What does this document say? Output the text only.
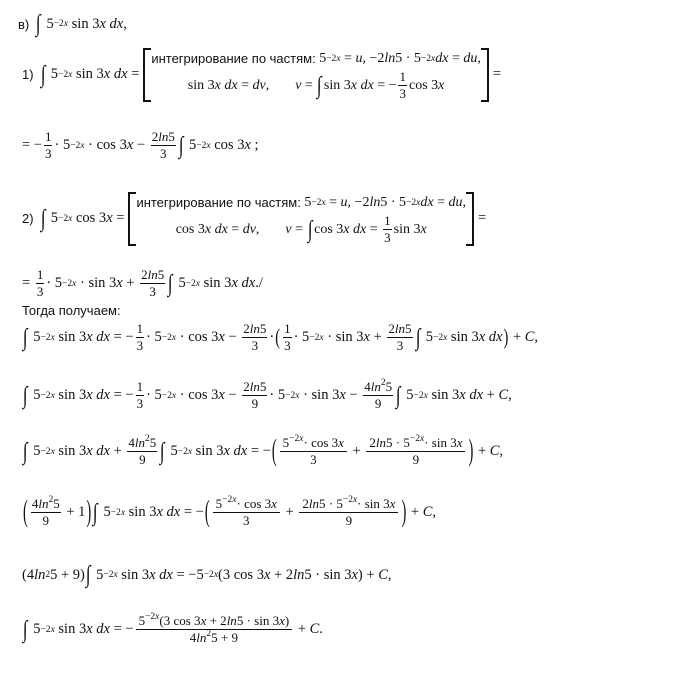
в) ∫ 5 −2x sin 3 x
dx ,
1) ∫ 5 −2x sin 3 x
dx =
интегрирование по частям: 5 −2x = u , −2 ln 5 · 5 −2x dx = du ,
sin 3 x
dx = dv , v = ∫ sin 3 x
dx = −
1
3
cos 3 x
=
= −
1
3
· 5 −2x · cos 3 x −
2ln5
3 ∫ 5 −2x cos 3 x ;
2) ∫ 5 −2x cos 3 x =
интегрирование по частям: 5 −2x = u , −2 ln 5 · 5 −2x dx = du ,
cos 3 x
dx = dv , v = ∫ cos 3 x
dx =
1
3
sin 3 x
=
=
1
3
· 5 −2x · sin 3 x +
2ln5
3 ∫ 5 −2x sin 3 x
dx ./
Тогда получаем:
∫ 5 −2x sin 3 x
dx = −
1
3
· 5 −2x · cos 3 x −
2ln5
3
· ( 1
3
· 5 −2x · sin 3 x +
2ln5
3 ∫ 5 −2x sin 3 x
dx ) + C ,
∫ 5 −2x sin 3 x
dx = −
1
3
· 5 −2x · cos 3 x −
2ln5
9
· 5 −2x · sin 3 x −
$4\ln^25$
9 ∫ 5 −2x sin 3 x
dx + C ,
∫ 5 −2x sin 3 x
dx +
$4\ln^25$
9 ∫ 5 −2x sin 3 x
dx = − ( $5^{-2x}\cdot \cos 3x$
3
+
$2\ln 5 \cdot 5^{-2x}\cdot \sin 3x$
9	) + C ,
( $4\ln^25$
9
+ 1 ) ∫ 5 −2x sin 3 x
dx = − ( $5^{-2x}\cdot \cos 3x$
3
+
$2\ln 5 \cdot 5^{-2x}\cdot \sin 3x$
9	) + C ,
(4 ln 2 5 + 9) ∫ 5 −2x sin 3 x
dx = −5 −2x (3 cos 3 x + 2 ln 5 · sin 3 x ) + C ,
∫ 5 −2x sin 3 x
dx = −
$5^{-2x}(3$ cos 3x + 2ln5 · sin 3x)
$4\ln^25 + 9$
+ C .
